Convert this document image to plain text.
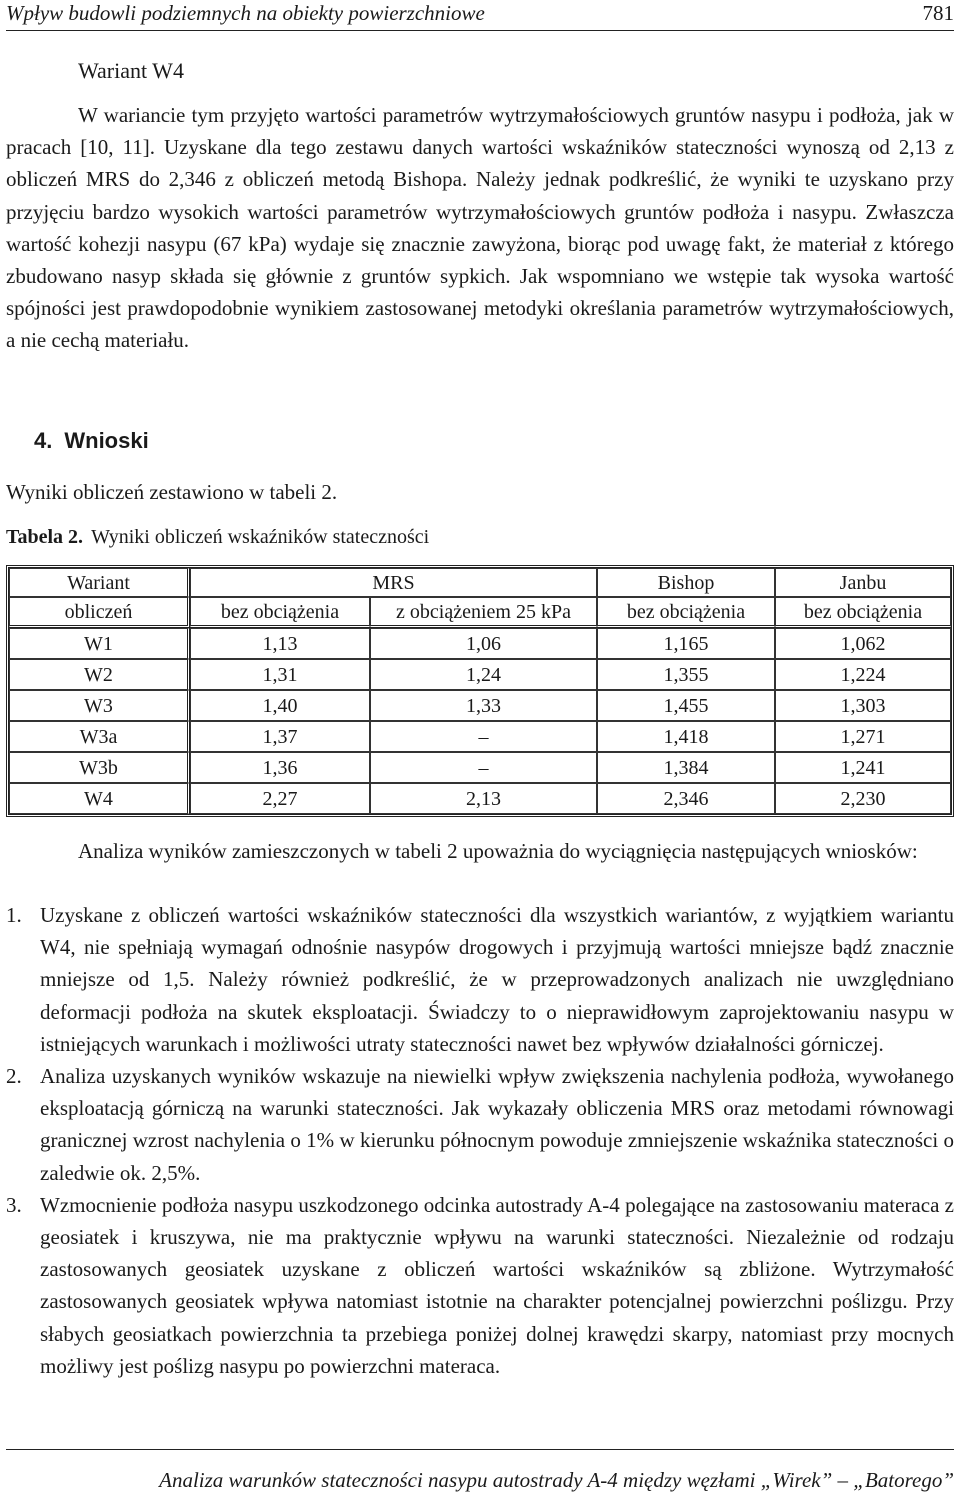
Wpływ budowli podziemnych na obiekty powierzchniowe	781
Wariant W4

W wariancie tym przyjęto wartości parametrów wytrzymałościowych gruntów nasypu i podłoża, jak w pracach [10, 11]. Uzyskane dla tego zestawu danych wartości wskaźników stateczności wynoszą od 2,13 z obliczeń MRS do 2,346 z obliczeń metodą Bishopa. Należy jednak podkreślić, że wyniki te uzyskano przy przyjęciu bardzo wysokich wartości parametrów wytrzymałościowych gruntów podłoża i nasypu. Zwłaszcza wartość kohezji nasypu (67 kPa) wydaje się znacznie zawyżona, biorąc pod uwagę fakt, że materiał z którego zbudowano nasyp składa się głównie z gruntów sypkich. Jak wspomniano we wstępie tak wysoka wartość spójności jest prawdopodobnie wynikiem zastosowanej metodyki określania parametrów wytrzymałościowych, a nie cechą materiału.

4. Wnioski

Wyniki obliczeń zestawiono w tabeli 2.

Tabela 2. Wyniki obliczeń wskaźników stateczności
Wariant	MRS		Bishop	Janbu
obliczeń	bez obciążenia	z obciążeniem 25 kPa	bez obciążenia	bez obciążenia
W1	1,13	1,06	1,165	1,062
W2	1,31	1,24	1,355	1,224
W3	1,40	1,33	1,455	1,303
W3a	1,37	–	1,418	1,271
W3b	1,36	–	1,384	1,241
W4	2,27	2,13	2,346	2,230

Analiza wyników zamieszczonych w tabeli 2 upoważnia do wyciągnięcia następujących wniosków:

1. Uzyskane z obliczeń wartości wskaźników stateczności dla wszystkich wariantów, z wyjątkiem wariantu W4, nie spełniają wymagań odnośnie nasypów drogowych i przyjmują wartości mniejsze bądź znacznie mniejsze od 1,5. Należy również podkreślić, że w przeprowadzonych analizach nie uwzględniano deformacji podłoża na skutek eksploatacji. Świadczy to o nieprawidłowym zaprojektowaniu nasypu w istniejących warunkach i możliwości utraty stateczności nawet bez wpływów działalności górniczej.
2. Analiza uzyskanych wyników wskazuje na niewielki wpływ zwiększenia nachylenia podłoża, wywołanego eksploatacją górniczą na warunki stateczności. Jak wykazały obliczenia MRS oraz metodami równowagi granicznej wzrost nachylenia o 1% w kierunku północnym powoduje zmniejszenie wskaźnika stateczności o zaledwie ok. 2,5%.
3. Wzmocnienie podłoża nasypu uszkodzonego odcinka autostrady A-4 polegające na zastosowaniu materaca z geosiatek i kruszywa, nie ma praktycznie wpływu na warunki stateczności. Niezależnie od rodzaju zastosowanych geosiatek uzyskane z obliczeń wartości wskaźników są zbliżone. Wytrzymałość zastosowanych geosiatek wpływa natomiast istotnie na charakter potencjalnej powierzchni poślizgu. Przy słabych geosiatkach powierzchnia ta przebiega poniżej dolnej krawędzi skarpy, natomiast przy mocnych możliwy jest poślizg nasypu po powierzchni materaca.
Analiza warunków stateczności nasypu autostrady A-4 między węzłami „Wirek” – „Batorego”
